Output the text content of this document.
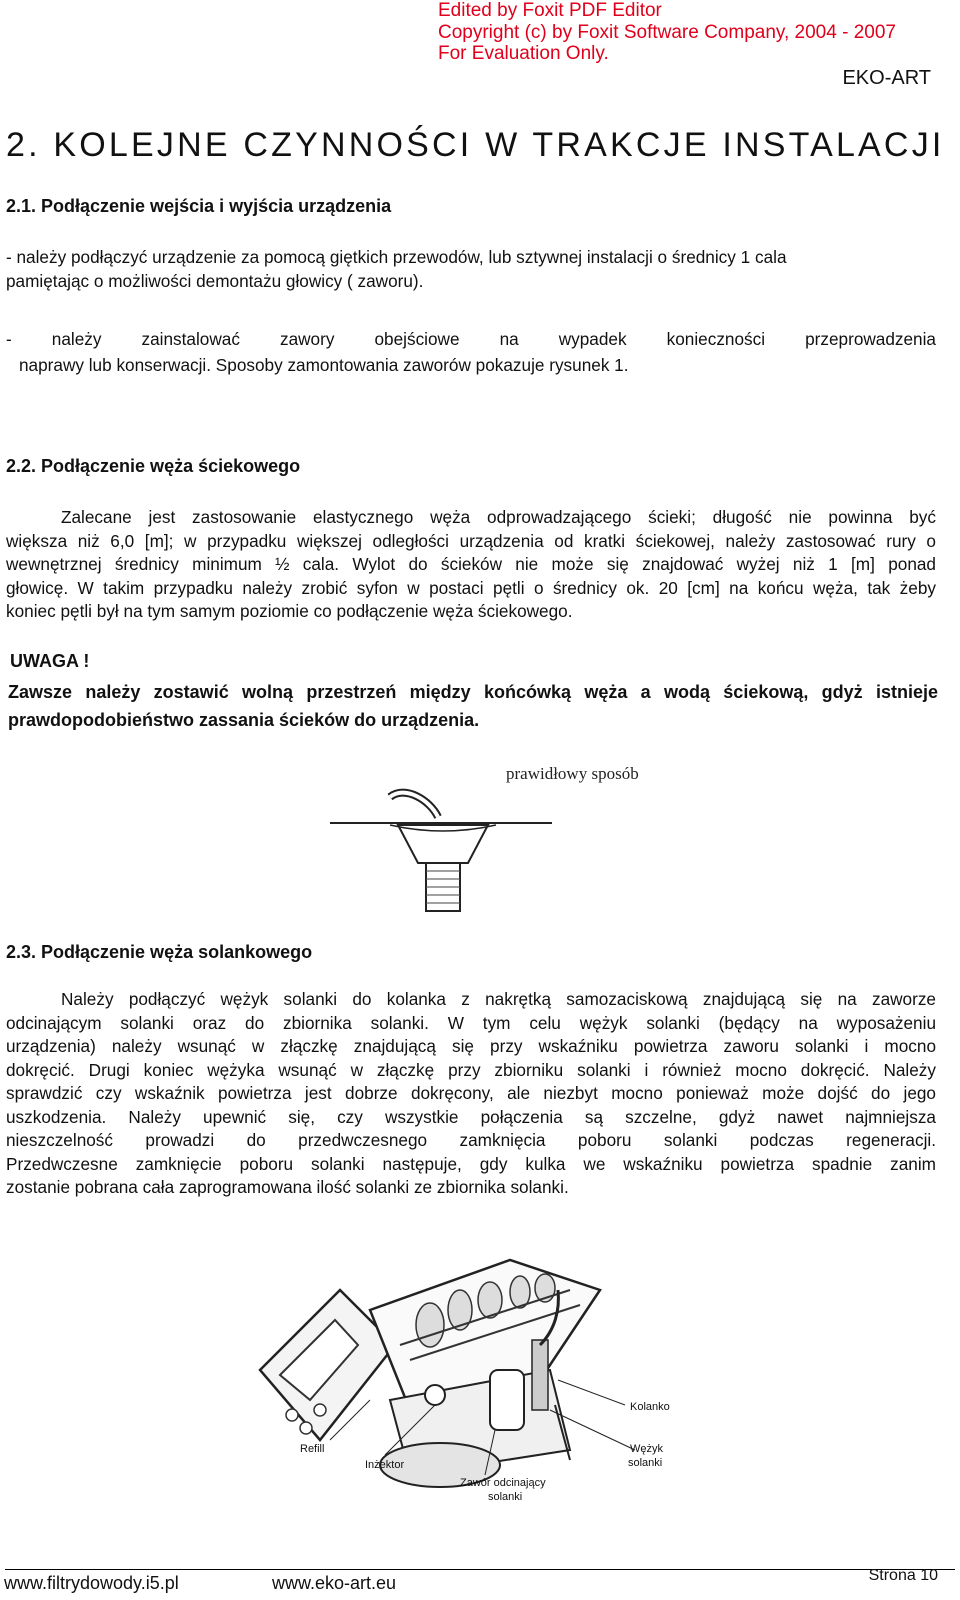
Edited by Foxit PDF Editor
Copyright (c) by Foxit Software Company, 2004 - 2007
For Evaluation Only.
EKO-ART
2. KOLEJNE CZYNNOŚCI W TRAKCJE INSTALACJI
2.1. Podłączenie wejścia i wyjścia urządzenia
- należy podłączyć urządzenie za pomocą giętkich przewodów, lub sztywnej instalacji o średnicy 1 cala
pamiętając o możliwości demontażu głowicy ( zaworu).
- należy zainstalować zawory obejściowe na wypadek konieczności przeprowadzenia
naprawy lub konserwacji. Sposoby zamontowania zaworów pokazuje rysunek 1.
2.2. Podłączenie węża ściekowego
Zalecane jest zastosowanie elastycznego węża odprowadzającego ścieki; długość nie powinna być
większa niż 6,0 [m]; w przypadku większej odległości urządzenia od kratki ściekowej, należy zastosować rury o
wewnętrznej średnicy minimum ½ cala. Wylot do ścieków nie może się znajdować wyżej niż 1 [m] ponad
głowicę. W takim przypadku należy zrobić syfon w postaci pętli o średnicy ok. 20 [cm] na końcu węża, tak żeby
koniec pętli był na tym samym poziomie co podłączenie węża ściekowego.
UWAGA !
Zawsze należy zostawić wolną przestrzeń między końcówką węża a wodą ściekową, gdyż istnieje
prawdopodobieństwo zassania ścieków do urządzenia.
prawidłowy sposób
2.3. Podłączenie węża solankowego
Należy podłączyć wężyk solanki do kolanka z nakrętką samozaciskową znajdującą się na zaworze
odcinającym solanki oraz do zbiornika solanki. W tym celu wężyk solanki (będący na wyposażeniu
urządzenia) należy wsunąć w złączkę znajdującą się przy wskaźniku powietrza zaworu solanki i mocno
dokręcić. Drugi koniec wężyka wsunąć w złączkę przy zbiorniku solanki i również mocno dokręcić. Należy
sprawdzić czy wskaźnik powietrza jest dobrze dokręcony, ale niezbyt mocno ponieważ może dojść do jego
uszkodzenia. Należy upewnić się, czy wszystkie połączenia są szczelne, gdyż nawet najmniejsza
nieszczelność prowadzi do przedwczesnego zamknięcia poboru solanki podczas regeneracji.
Przedwczesne zamknięcie poboru solanki następuje, gdy kulka we wskaźniku powietrza spadnie zanim
zostanie pobrana cała zaprogramowana ilość solanki ze zbiornika solanki.
Kolanko
Refill
Inżektor
Wężyk
solanki
Zawór odcinający
solanki
www.filtrydowody.i5.pl	www.eko-art.eu	Strona 10
